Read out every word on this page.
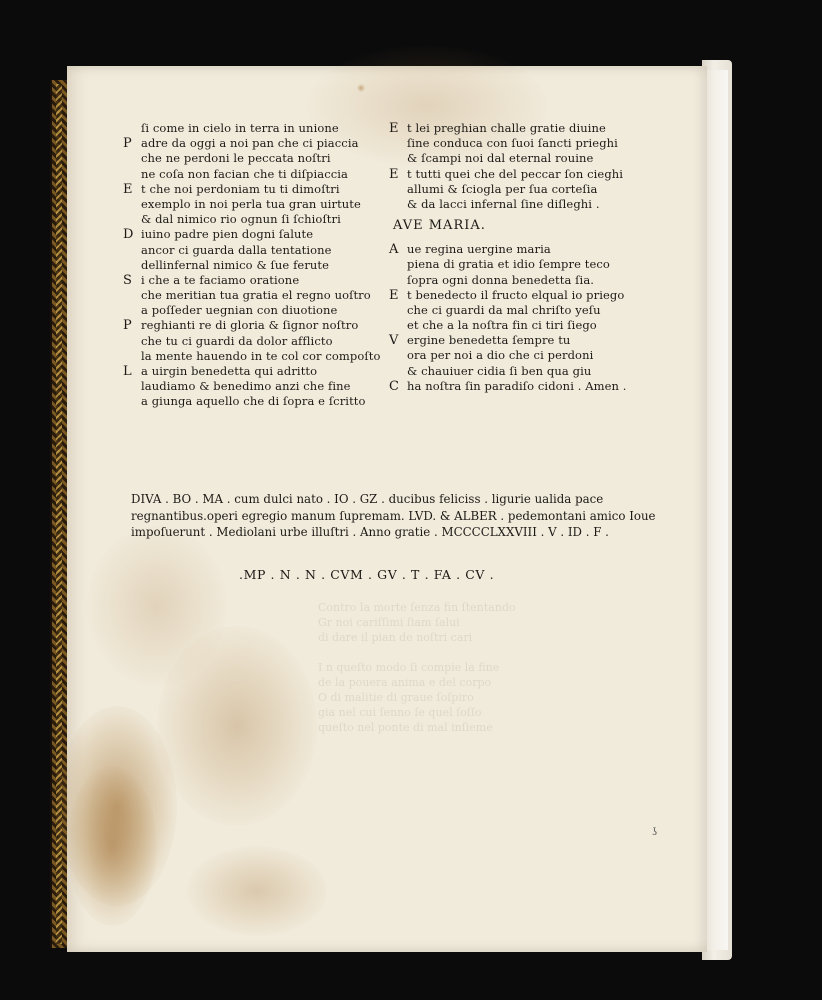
Contro la morte ſenza fin ſtentando
Gr noi cariſſimi ſiam ſalui
di dare il pian de noſtri cari

I n queſto modo ſi compie la fine
de la pouera anima e del corpo
O di malitie di graue ſoſpiro
gia nel cui ſenno ſe quel ſoſſo
queſto nel ponte di mal inſieme
ſi come in cielo in terra in unione
P adre da oggi a noi pan che ci piaccia
che ne perdoni le peccata noſtri
ne coſa non facian che ti diſpiaccia
E t che noi perdoniam tu ti dimoſtri
exemplo in noi perla tua gran uirtute
& dal nimico rio ognun ſi ſchioſtri
D iuino padre pien dogni ſalute
ancor ci guarda dalla tentatione
dellinfernal nimico & ſue ferute
S i che a te faciamo oratione
che meritian tua gratia el regno uoſtro
a poſſeder uegnian con diuotione
P reghianti re di gloria & ſignor noſtro
che tu ci guardi da dolor afflicto
la mente hauendo in te col cor compoſto
L a uirgin benedetta qui adritto
laudiamo & benedimo anzi che fine
a giunga aquello che di ſopra e ſcritto
E t lei preghian challe gratie diuine
ſine conduca con ſuoi ſancti prieghi
& ſcampi noi dal eternal rouine
E t tutti quei che del peccar ſon cieghi
allumi & ſciogla per ſua corteſia
& da lacci infernal ſine diſleghi .
AVE MARIA.
A ue regina uergine maria
piena di gratia et idio ſempre teco
ſopra ogni donna benedetta ſia.
E t benedecto il fructo elqual io priego
che ci guardi da mal chriſto yeſu
et che a la noſtra fin ci tiri ſiego
V ergine benedetta ſempre tu
ora per noi a dio che ci perdoni
& chauiuer cidia ſi ben qua giu
C ha noſtra ſin paradiſo cidoni . Amen .
DIVA . BO . MA . cum dulci nato . IO . GZ . ducibus feliciss . ligurie ualida pace
regnantibus.operi egregio manum ſupremam. LVD. & ALBER . pedemontani amico Ioue
impoſuerunt . Mediolani urbe illuſtri . Anno gratie . MCCCCLXXVIII . V . ID . F .
.MP . N . N . CVM . GV . T . FA . CV .
ʖ
